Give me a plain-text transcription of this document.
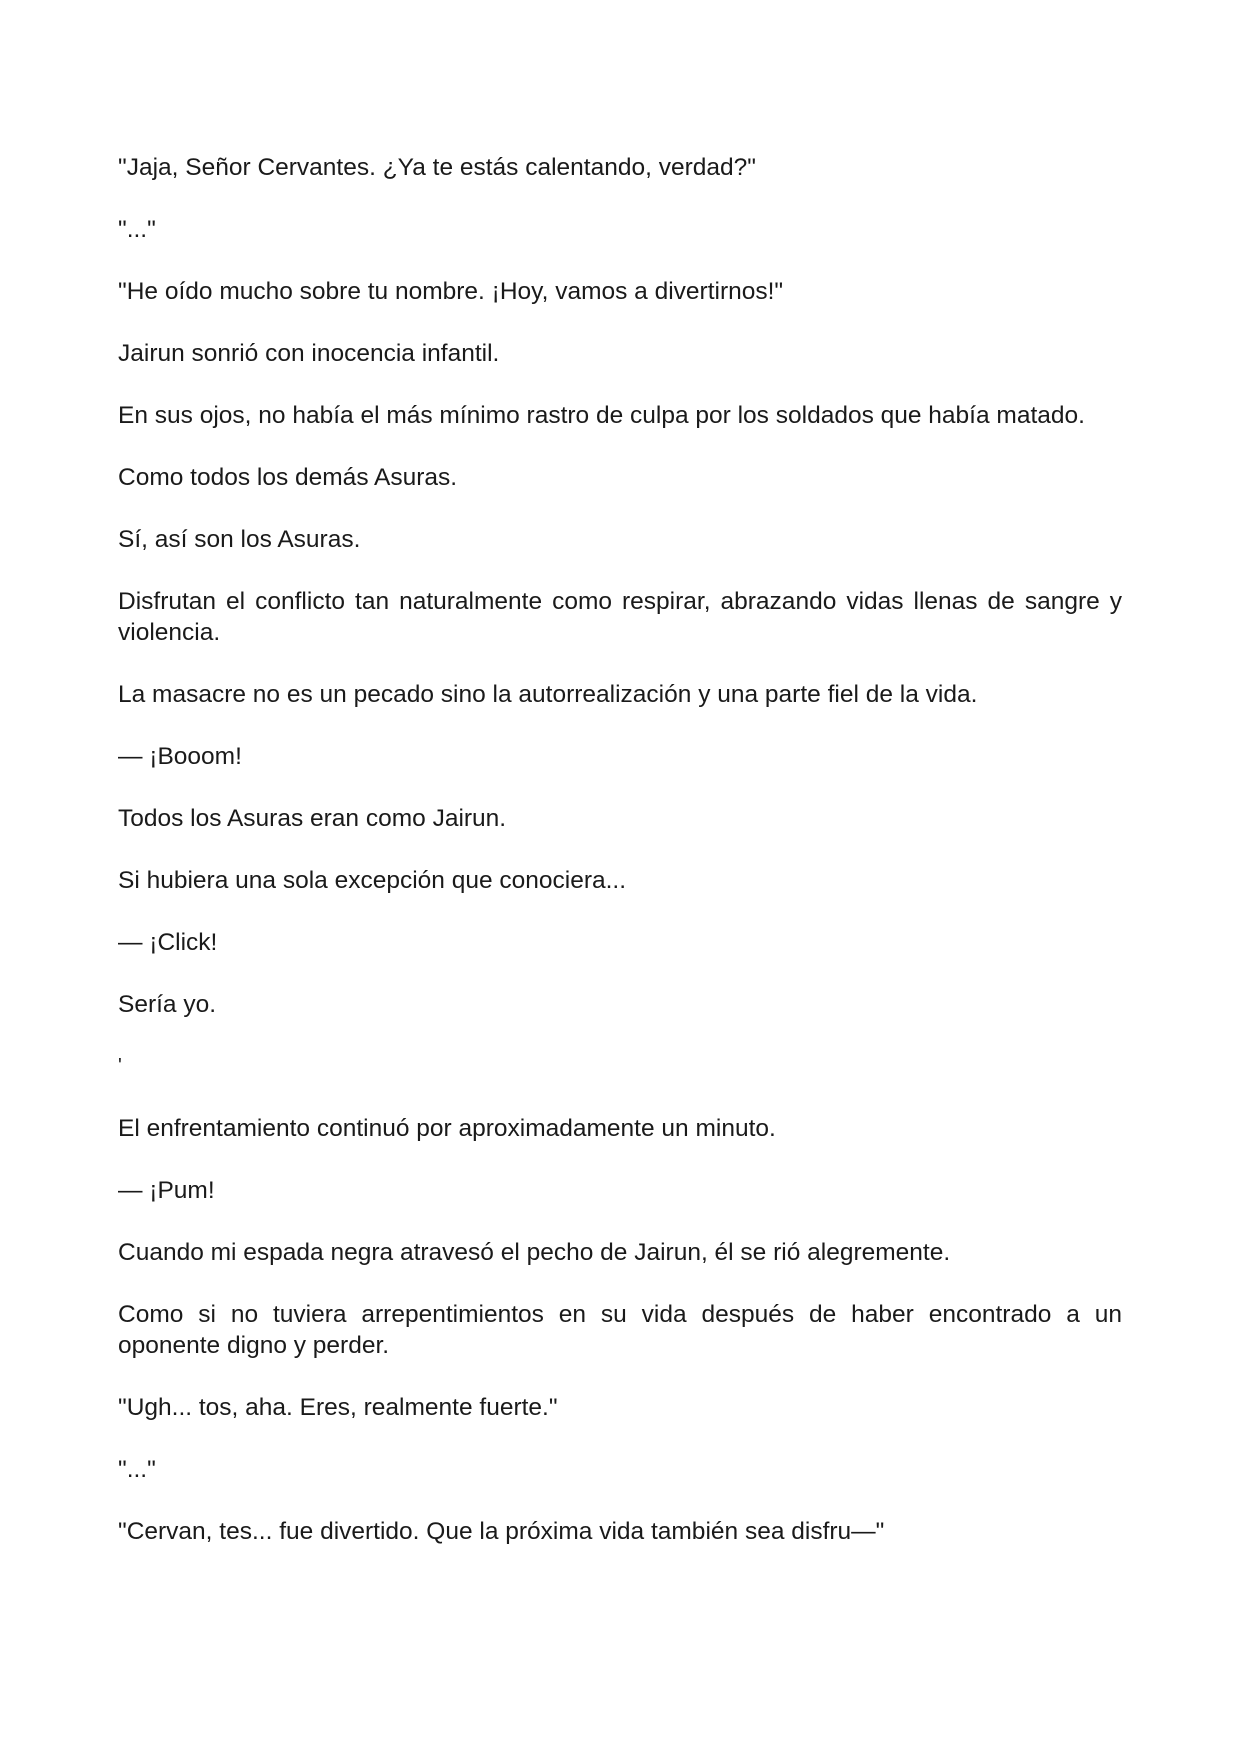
"Jaja, Señor Cervantes. ¿Ya te estás calentando, verdad?"

"..."

"He oído mucho sobre tu nombre. ¡Hoy, vamos a divertirnos!"

Jairun sonrió con inocencia infantil.

En sus ojos, no había el más mínimo rastro de culpa por los soldados que había matado.

Como todos los demás Asuras.

Sí, así son los Asuras.

Disfrutan el conflicto tan naturalmente como respirar, abrazando vidas llenas de sangre y violencia.

La masacre no es un pecado sino la autorrealización y una parte fiel de la vida.

— ¡Booom!

Todos los Asuras eran como Jairun.

Si hubiera una sola excepción que conociera...

— ¡Click!

Sería yo.

'

El enfrentamiento continuó por aproximadamente un minuto.

— ¡Pum!

Cuando mi espada negra atravesó el pecho de Jairun, él se rió alegremente.

Como si no tuviera arrepentimientos en su vida después de haber encontrado a un oponente digno y perder.

"Ugh... tos, aha. Eres, realmente fuerte."

"..."

"Cervan, tes... fue divertido. Que la próxima vida también sea disfru—"
